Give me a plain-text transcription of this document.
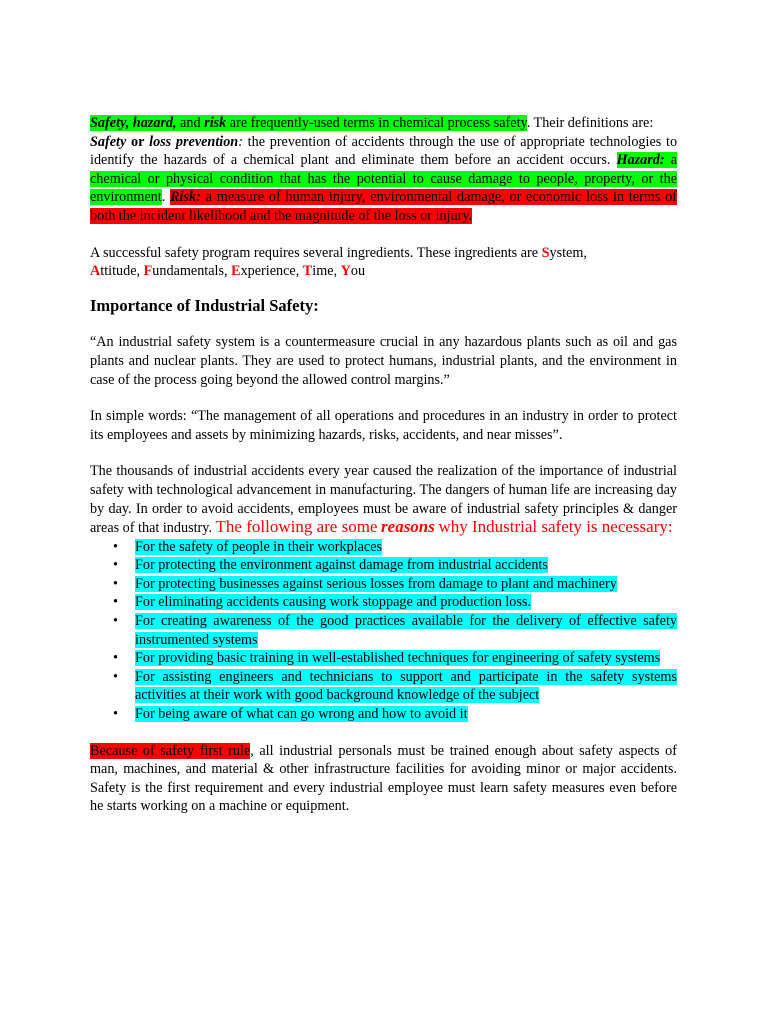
Safety, hazard, and risk are frequently-used terms in chemical process safety. Their definitions are:

Safety or loss prevention: the prevention of accidents through the use of appropriate technologies to identify the hazards of a chemical plant and eliminate them before an accident occurs. Hazard: a chemical or physical condition that has the potential to cause damage to people, property, or the environment. Risk: a measure of human injury, environmental damage, or economic loss in terms of both the incident likelihood and the magnitude of the loss or injury.

A successful safety program requires several ingredients. These ingredients are System,
Attitude, Fundamentals, Experience, Time, You

Importance of Industrial Safety:

“An industrial safety system is a countermeasure crucial in any hazardous plants such as oil and gas plants and nuclear plants. They are used to protect humans, industrial plants, and the environment in case of the process going beyond the allowed control margins.”

In simple words: “The management of all operations and procedures in an industry in order to protect its employees and assets by minimizing hazards, risks, accidents, and near misses”.

The thousands of industrial accidents every year caused the realization of the importance of industrial safety with technological advancement in manufacturing. The dangers of human life are increasing day by day. In order to avoid accidents, employees must be aware of industrial safety principles & danger areas of that industry. The following are some reasons why Industrial safety is necessary:

• For the safety of people in their workplaces
• For protecting the environment against damage from industrial accidents
• For protecting businesses against serious losses from damage to plant and machinery
• For eliminating accidents causing work stoppage and production loss.
• For creating awareness of the good practices available for the delivery of effective safety instrumented systems
• For providing basic training in well-established techniques for engineering of safety systems
• For assisting engineers and technicians to support and participate in the safety systems activities at their work with good background knowledge of the subject
• For being aware of what can go wrong and how to avoid it

Because of safety first rule, all industrial personals must be trained enough about safety aspects of man, machines, and material & other infrastructure facilities for avoiding minor or major accidents. Safety is the first requirement and every industrial employee must learn safety measures even before he starts working on a machine or equipment.
